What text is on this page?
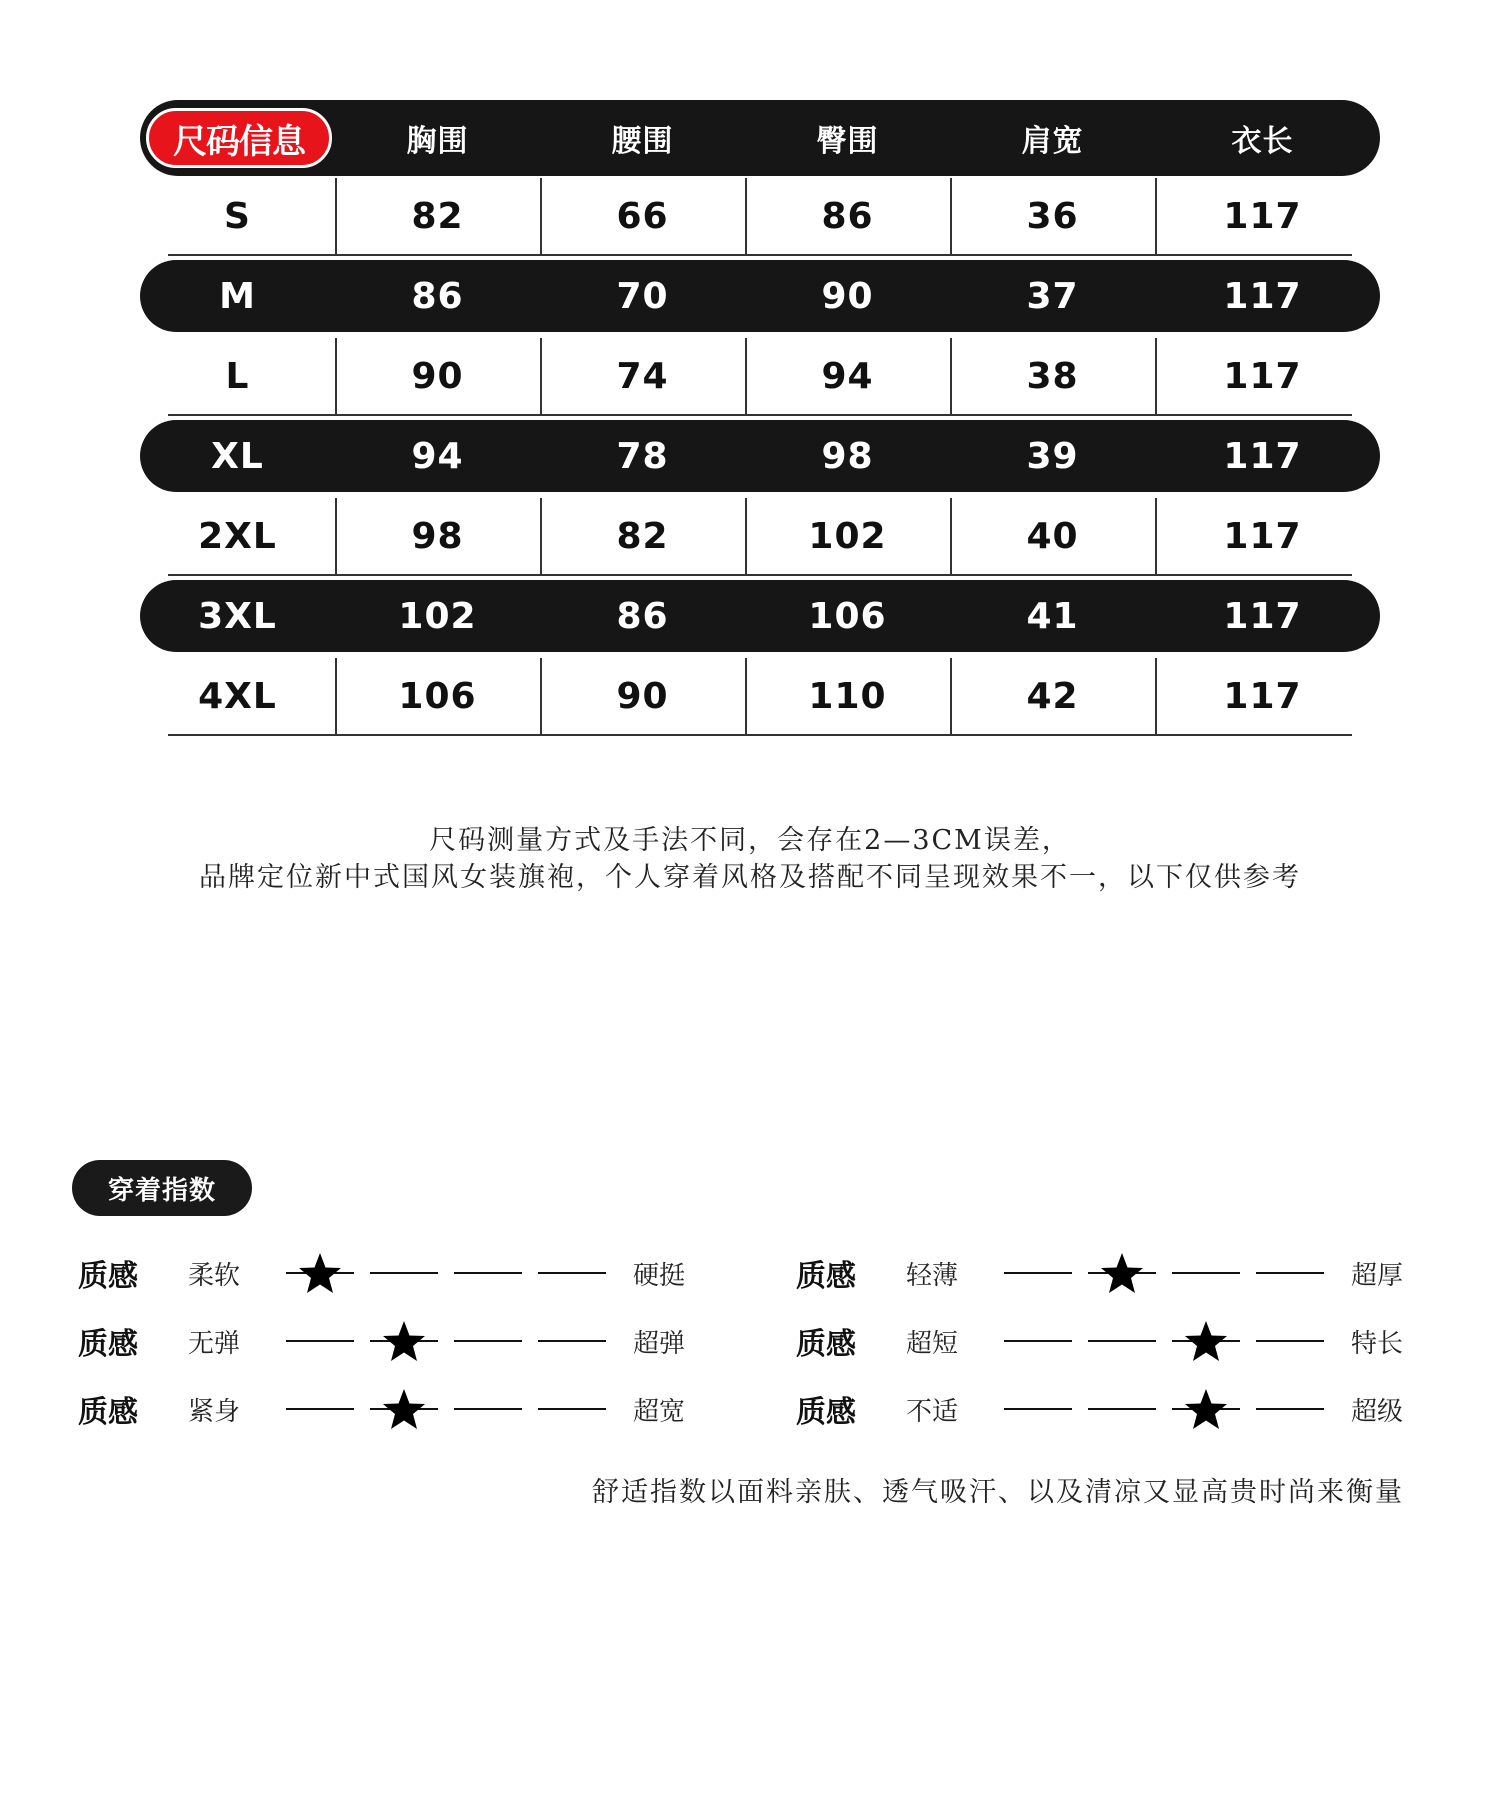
尺码信息	胸围	腰围	臀围	肩宽	衣长
S	82	66	86	36	117
M	86	70	90	37	117
L	90	74	94	38	117
XL	94	78	98	39	117
2XL	98	82	102	40	117
3XL	102	86	106	41	117
4XL	106	90	110	42	117
尺码测量方式及手法不同，会存在2—3CM误差，
品牌定位新中式国风女装旗袍，个人穿着风格及搭配不同呈现效果不一，以下仅供参考
穿着指数
质感 柔软	硬挺
质感 无弹	超弹
质感 紧身	超宽
质感 轻薄	超厚
质感 超短	特长
质感 不适	超级
舒适指数以面料亲肤、透气吸汗、以及清凉又显高贵时尚来衡量
